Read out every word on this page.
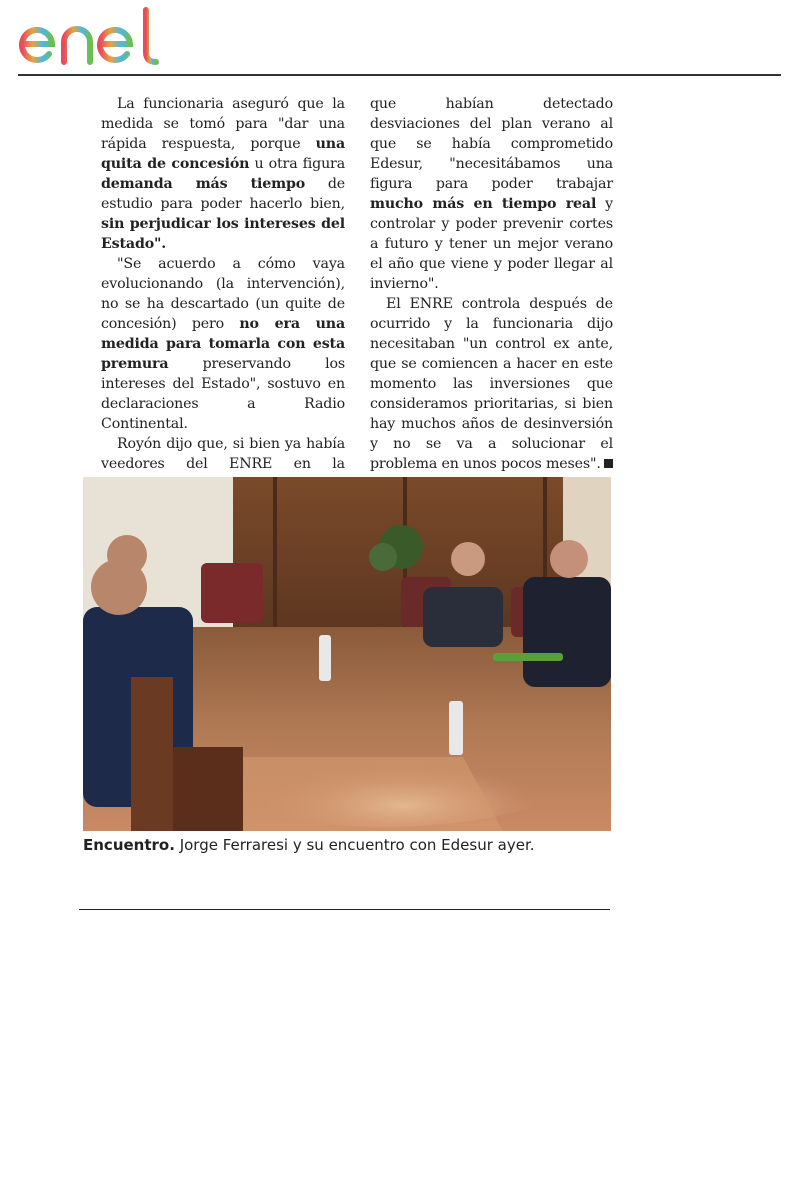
La funcionaria aseguró que la medida se tomó para "dar una rápida respuesta, porque una quita de concesión u otra figura demanda más tiempo de estudio para poder hacerlo bien, sin perjudicar los intereses del Estado".

"Se acuerdo a cómo vaya evolucionando (la intervención), no se ha descartado (un quite de concesión) pero no era una medida para tomarla con esta premura preservando los intereses del Estado", sostuvo en declaraciones a Radio Continental.

Royón dijo que, si bien ya había veedores del ENRE en la

que habían detectado desviaciones del plan verano al que se había comprometido Edesur, "necesitábamos una figura para poder trabajar mucho más en tiempo real y controlar y poder prevenir cortes a futuro y tener un mejor verano el año que viene y poder llegar al invierno".

El ENRE controla después de ocurrido y la funcionaria dijo necesitaban "un control ex ante, que se comiencen a hacer en este momento las inversiones que consideramos prioritarias, si bien hay muchos años de desinversión y no se va a solucionar el problema en unos pocos meses".

Encuentro. Jorge Ferraresi y su encuentro con Edesur ayer.
